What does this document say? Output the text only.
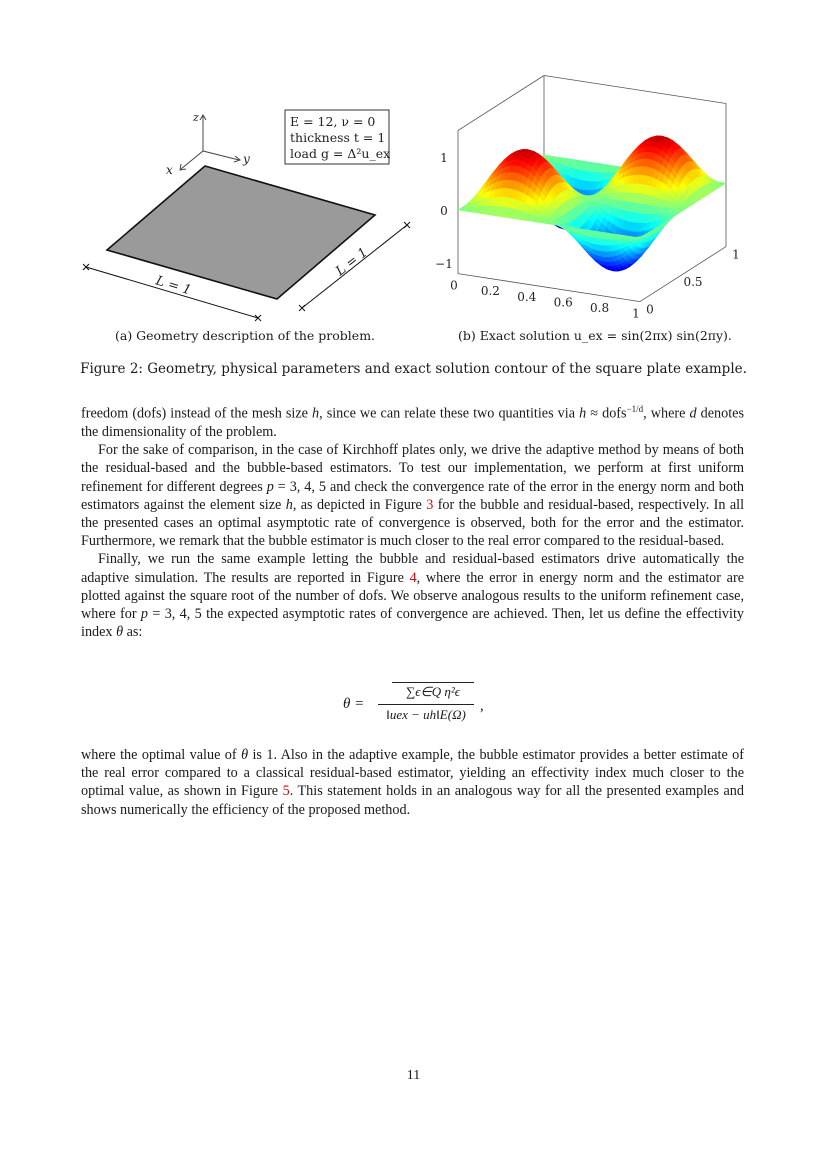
z
y
x
E = 12, ν = 0
thickness t = 1
load g = Δ²u_ex
L = 1
L = 1
0 0.2 0.4 0.6 0.8 1 0
0.5
1
−1
0
1
(a) Geometry description of the problem.	(b) Exact solution u_ex = sin(2πx) sin(2πy).
Figure 2: Geometry, physical parameters and exact solution contour of the square plate example.

freedom (dofs) instead of the mesh size h, since we can relate these two quantities via h ≈ dofs$^{-1/d}$, where d denotes the dimensionality of the problem.

For the sake of comparison, in the case of Kirchhoff plates only, we drive the adaptive method by means of both the residual-based and the bubble-based estimators. To test our implementation, we perform at first uniform refinement for different degrees p = 3, 4, 5 and check the convergence rate of the error in the energy norm and both estimators against the element size h, as depicted in Figure 3 for the bubble and residual-based, respectively. In all the presented cases an optimal asymptotic rate of convergence is observed, both for the error and the estimator. Furthermore, we remark that the bubble estimator is much closer to the real error compared to the residual-based.

Finally, we run the same example letting the bubble and residual-based estimators drive automatically the adaptive simulation. The results are reported in Figure 4, where the error in energy norm and the estimator are plotted against the square root of the number of dofs. We observe analogous results to the uniform refinement case, where for p = 3, 4, 5 the expected asymptotic rates of convergence are achieved. Then, let us define the effectivity index θ as:

θ =
∑ϵ∈Q η²ϵ
‖uex − uh‖E(Ω)
,

where the optimal value of θ is 1. Also in the adaptive example, the bubble estimator provides a better estimate of the real error compared to a classical residual-based estimator, yielding an effectivity index much closer to the optimal value, as shown in Figure 5. This statement holds in an analogous way for all the presented examples and shows numerically the efficiency of the proposed method.

11
